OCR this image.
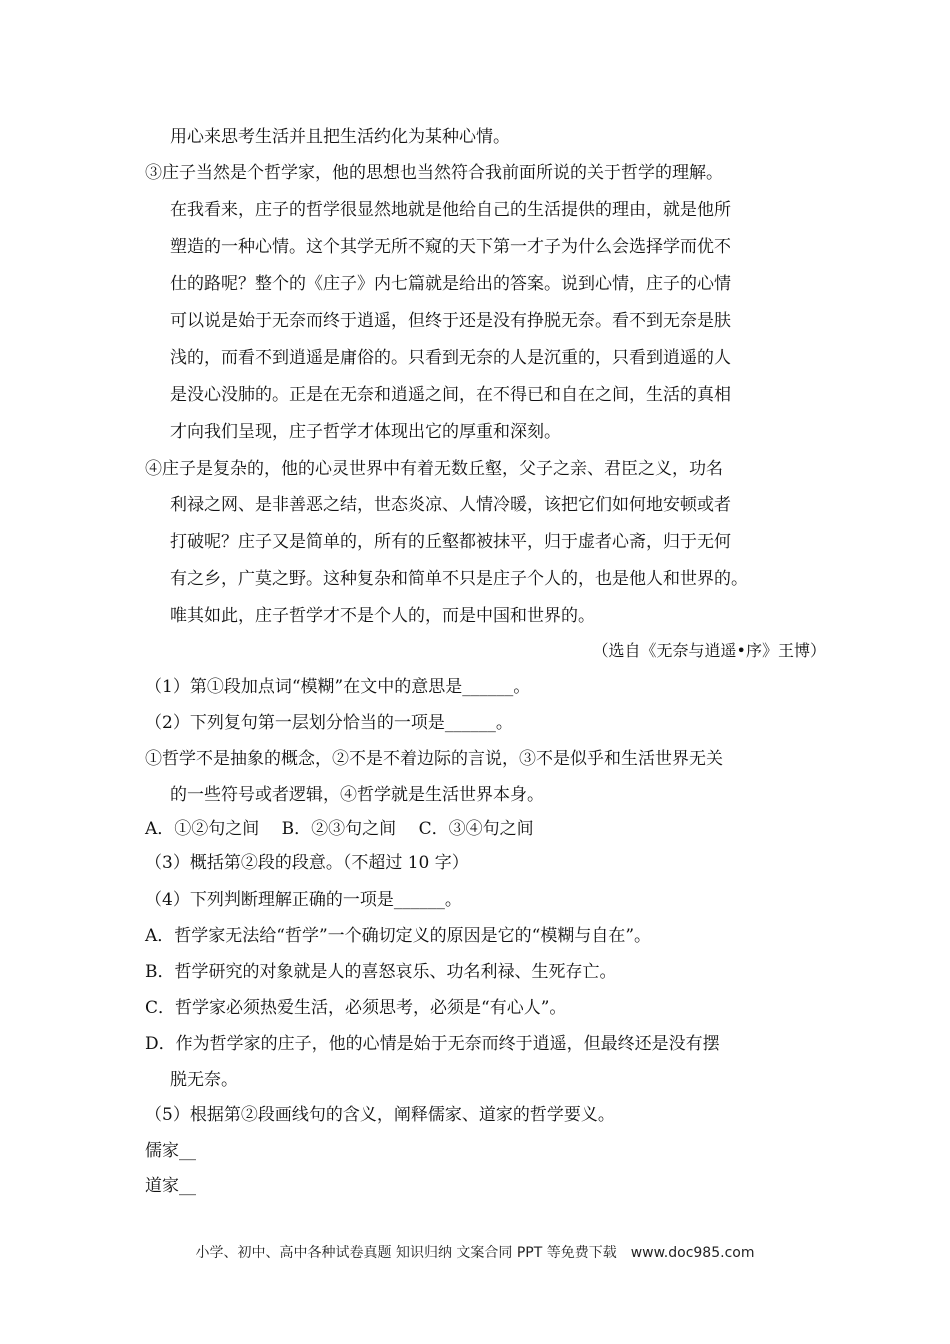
用心来思考生活并且把生活约化为某种心情。
③庄子当然是个哲学家，他的思想也当然符合我前面所说的关于哲学的理解。
在我看来，庄子的哲学很显然地就是他给自己的生活提供的理由，就是他所
塑造的一种心情。这个其学无所不窥的天下第一才子为什么会选择学而优不
仕的路呢？整个的《庄子》内七篇就是给出的答案。说到心情，庄子的心情
可以说是始于无奈而终于逍遥，但终于还是没有挣脱无奈。看不到无奈是肤
浅的，而看不到逍遥是庸俗的。只看到无奈的人是沉重的，只看到逍遥的人
是没心没肺的。正是在无奈和逍遥之间，在不得已和自在之间，生活的真相
才向我们呈现，庄子哲学才体现出它的厚重和深刻。
④庄子是复杂的，他的心灵世界中有着无数丘壑，父子之亲、君臣之义，功名
利禄之网、是非善恶之结，世态炎凉、人情冷暖，该把它们如何地安顿或者
打破呢？庄子又是简单的，所有的丘壑都被抹平，归于虚者心斋，归于无何
有之乡，广莫之野。这种复杂和简单不只是庄子个人的，也是他人和世界的。
唯其如此，庄子哲学才不是个人的，而是中国和世界的。
（选自《无奈与逍遥•序》王博）
（1）第①段加点词“模糊”在文中的意思是______。
（2）下列复句第一层划分恰当的一项是______。
①哲学不是抽象的概念，②不是不着边际的言说，③不是似乎和生活世界无关
的一些符号或者逻辑，④哲学就是生活世界本身。
A．①②句之间　 B．②③句之间　 C．③④句之间
（3）概括第②段的段意。（不超过 10 字）
（4）下列判断理解正确的一项是______。
A．哲学家无法给“哲学”一个确切定义的原因是它的“模糊与自在”。
B．哲学研究的对象就是人的喜怒哀乐、功名利禄、生死存亡。
C．哲学家必须热爱生活，必须思考，必须是“有心人”。
D．作为哲学家的庄子，他的心情是始于无奈而终于逍遥，但最终还是没有摆
脱无奈。
（5）根据第②段画线句的含义，阐释儒家、道家的哲学要义。
儒家__
道家__
小学、初中、高中各种试卷真题 知识归纳 文案合同 PPT 等免费下载　www.doc985.com
